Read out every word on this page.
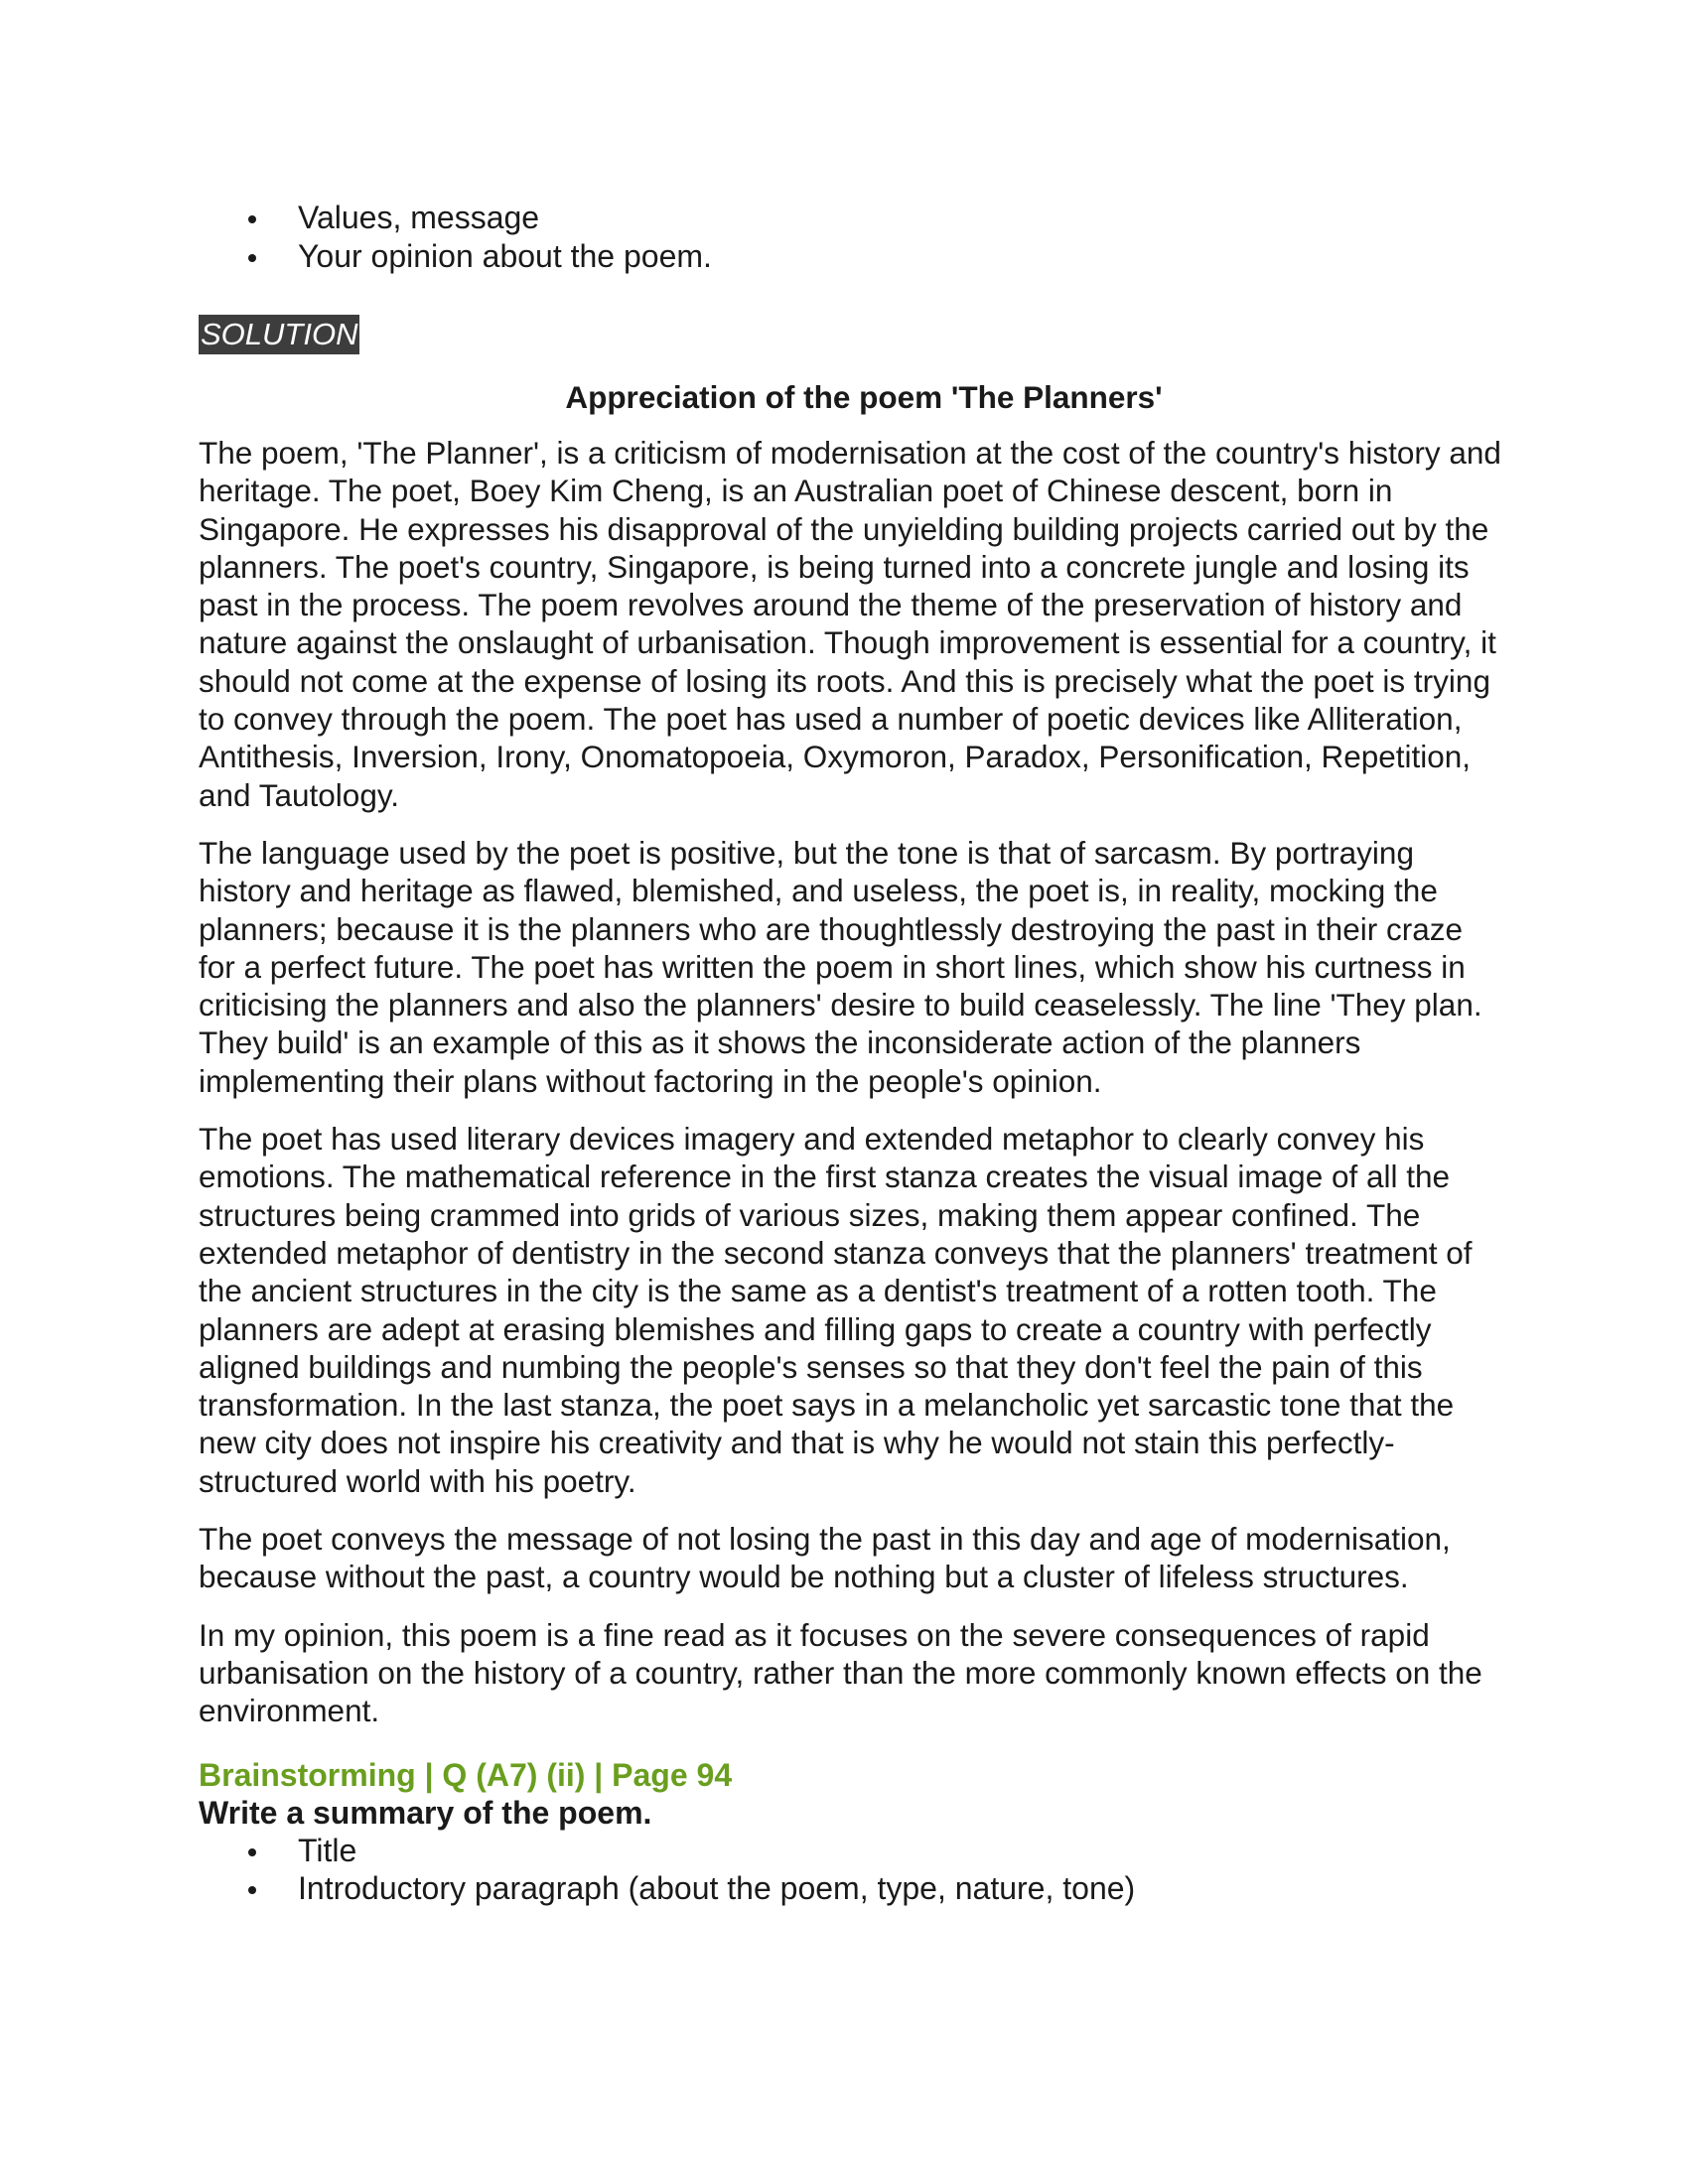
Values, message
Your opinion about the poem.
SOLUTION
Appreciation of the poem 'The Planners'

The poem, 'The Planner', is a criticism of modernisation at the cost of the country's history and heritage. The poet, Boey Kim Cheng, is an Australian poet of Chinese descent, born in Singapore. He expresses his disapproval of the unyielding building projects carried out by the planners. The poet's country, Singapore, is being turned into a concrete jungle and losing its past in the process. The poem revolves around the theme of the preservation of history and nature against the onslaught of urbanisation. Though improvement is essential for a country, it should not come at the expense of losing its roots. And this is precisely what the poet is trying to convey through the poem. The poet has used a number of poetic devices like Alliteration, Antithesis, Inversion, Irony, Onomatopoeia, Oxymoron, Paradox, Personification, Repetition, and Tautology.

The language used by the poet is positive, but the tone is that of sarcasm. By portraying history and heritage as flawed, blemished, and useless, the poet is, in reality, mocking the planners; because it is the planners who are thoughtlessly destroying the past in their craze for a perfect future. The poet has written the poem in short lines, which show his curtness in criticising the planners and also the planners' desire to build ceaselessly. The line 'They plan. They build' is an example of this as it shows the inconsiderate action of the planners implementing their plans without factoring in the people's opinion.

The poet has used literary devices imagery and extended metaphor to clearly convey his emotions. The mathematical reference in the first stanza creates the visual image of all the structures being crammed into grids of various sizes, making them appear confined. The extended metaphor of dentistry in the second stanza conveys that the planners' treatment of the ancient structures in the city is the same as a dentist's treatment of a rotten tooth. The planners are adept at erasing blemishes and filling gaps to create a country with perfectly aligned buildings and numbing the people's senses so that they don't feel the pain of this transformation. In the last stanza, the poet says in a melancholic yet sarcastic tone that the new city does not inspire his creativity and that is why he would not stain this perfectly-structured world with his poetry.

The poet conveys the message of not losing the past in this day and age of modernisation, because without the past, a country would be nothing but a cluster of lifeless structures.

In my opinion, this poem is a fine read as it focuses on the severe consequences of rapid urbanisation on the history of a country, rather than the more commonly known effects on the environment.

Brainstorming | Q (A7) (ii) | Page 94
Write a summary of the poem.
Title
Introductory paragraph (about the poem, type, nature, tone)
